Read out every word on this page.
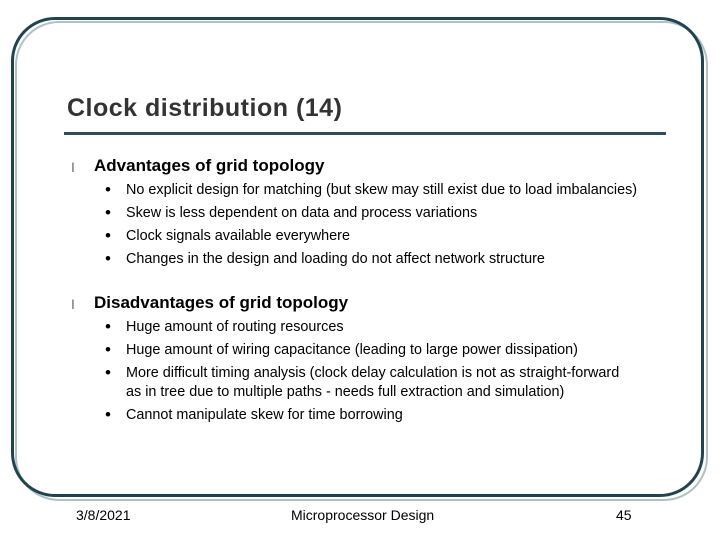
Clock distribution (14)
l Advantages of grid topology
• No explicit design for matching (but skew may still exist due to load imbalancies)
• Skew is less dependent on data and process variations
• Clock signals available everywhere
• Changes in the design and loading do not affect network structure
l Disadvantages of grid topology
• Huge amount of routing resources
• Huge amount of wiring capacitance (leading to large power dissipation)
• More difficult timing analysis (clock delay calculation is not as straight-forward as in tree due to multiple paths - needs full extraction and simulation)
• Cannot manipulate skew for time borrowing
3/8/2021	Microprocessor Design	45
